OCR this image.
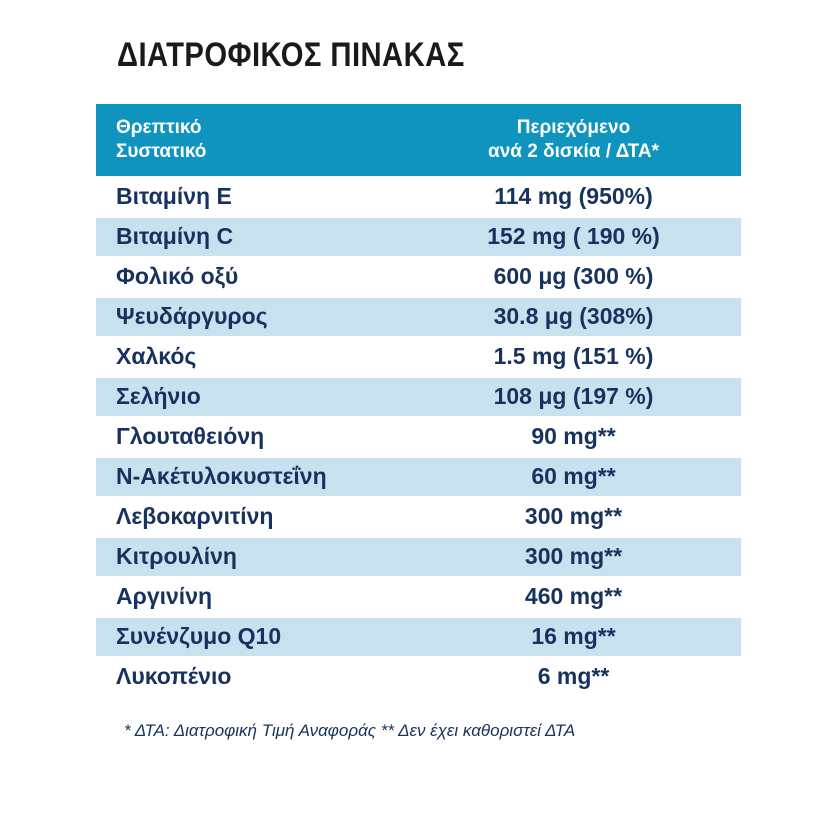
ΔΙΑΤΡΟΦΙΚΟΣ ΠΙΝΑΚΑΣ
Θρεπτικό
Συστατικό
Περιεχόμενο
ανά 2 δισκία / ΔΤΑ*
Βιταμίνη Ε	114 mg (950%)
Βιταμίνη C	152 mg ( 190 %)
Φολικό οξύ	600 μg (300 %)
Ψευδάργυρος	30.8 μg (308%)
Χαλκός	1.5 mg (151 %)
Σελήνιο	108 μg (197 %)
Γλουταθειόνη	90 mg**
Ν-Ακέτυλοκυστεΐνη	60 mg**
Λεβοκαρνιτίνη	300 mg**
Κιτρουλίνη	300 mg**
Αργινίνη	460 mg**
Συνένζυμο Q10	16 mg**
Λυκοπένιο	6 mg**
* ΔΤΑ: Διατροφική Τιμή Αναφοράς ** Δεν έχει καθοριστεί ΔΤΑ
